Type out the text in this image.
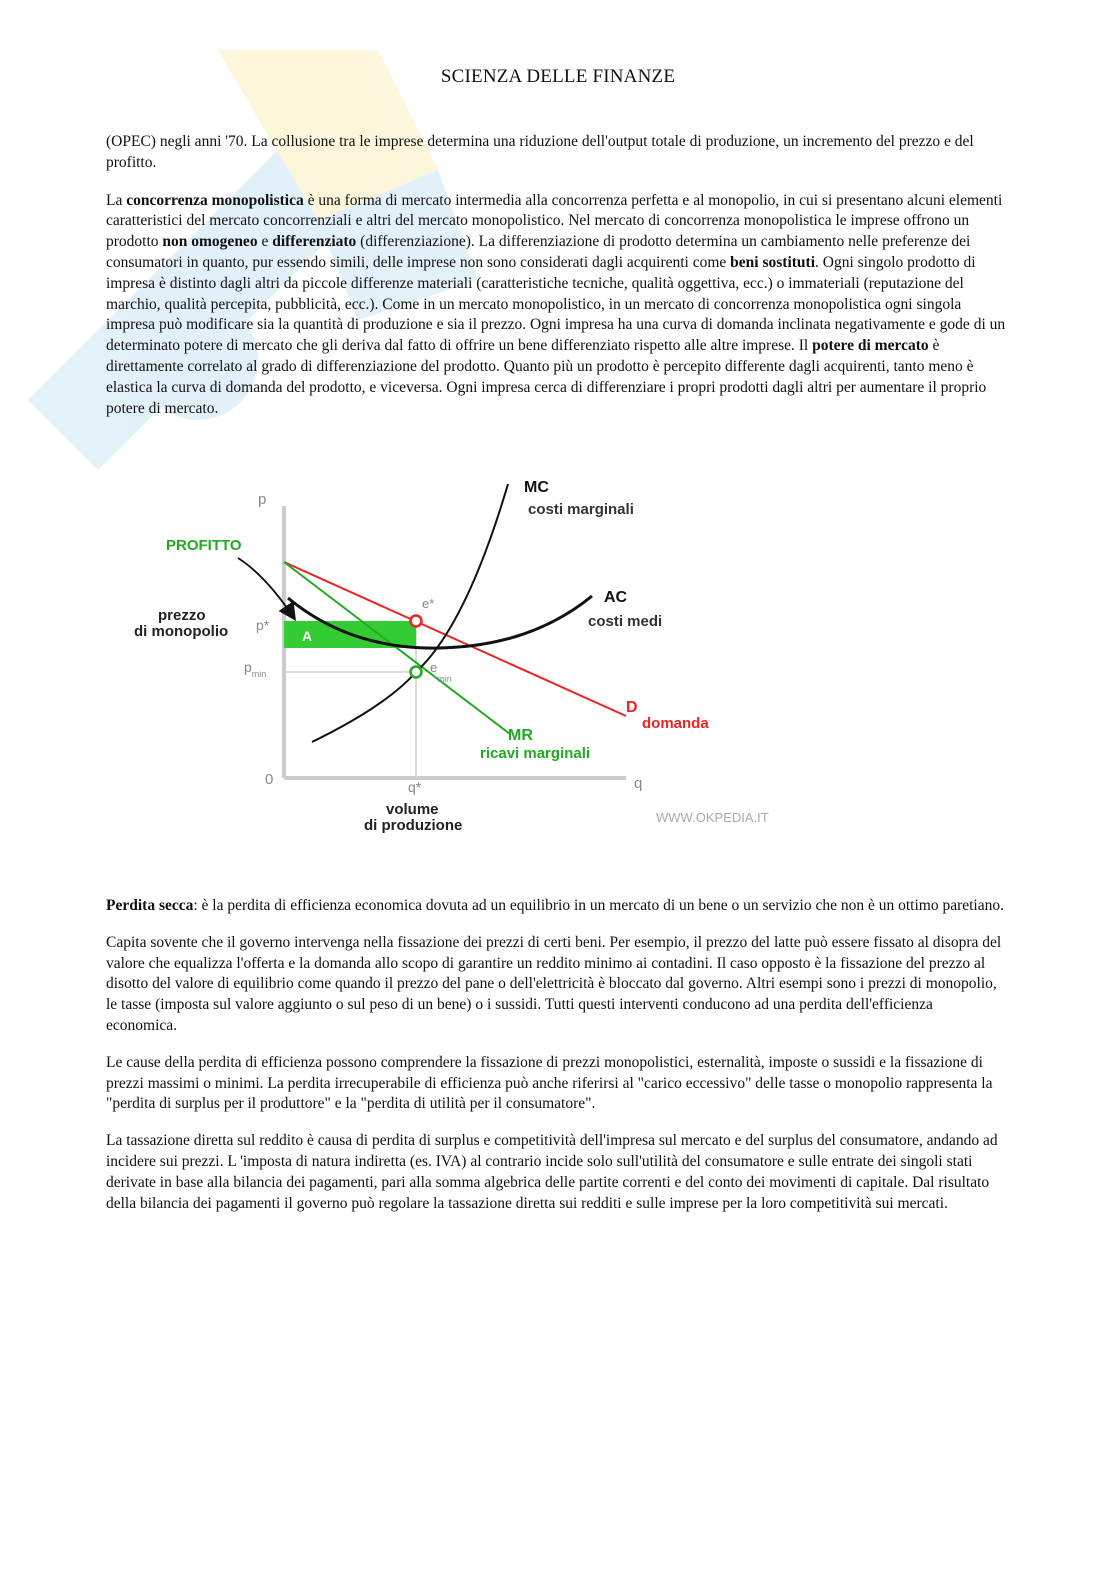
SCIENZA DELLE FINANZE

(OPEC) negli anni '70. La collusione tra le imprese determina una riduzione dell'output totale di produzione, un incremento del prezzo e del profitto.

La concorrenza monopolistica è una forma di mercato intermedia alla concorrenza perfetta e al monopolio, in cui si presentano alcuni elementi caratteristici del mercato concorrenziali e altri del mercato monopolistico. Nel mercato di concorrenza monopolistica le imprese offrono un prodotto non omogeneo e differenziato (differenziazione). La differenziazione di prodotto determina un cambiamento nelle preferenze dei consumatori in quanto, pur essendo simili, delle imprese non sono considerati dagli acquirenti come beni sostituti. Ogni singolo prodotto di impresa è distinto dagli altri da piccole differenze materiali (caratteristiche tecniche, qualità oggettiva, ecc.) o immateriali (reputazione del marchio, qualità percepita, pubblicità, ecc.). Come in un mercato monopolistico, in un mercato di concorrenza monopolistica ogni singola impresa può modificare sia la quantità di produzione e sia il prezzo. Ogni impresa ha una curva di domanda inclinata negativamente e gode di un determinato potere di mercato che gli deriva dal fatto di offrire un bene differenziato rispetto alle altre imprese. Il potere di mercato è direttamente correlato al grado di differenziazione del prodotto. Quanto più un prodotto è percepito differente dagli acquirenti, tanto meno è elastica la curva di domanda del prodotto, e viceversa. Ogni impresa cerca di differenziare i propri prodotti dagli altri per aumentare il proprio potere di mercato.

A
p
q
0
MC
costi marginali
AC
costi medi
D
domanda
MR
ricavi marginali
PROFITTO
prezzo
di monopolio p*
$p_{min}$
e*
$e_{min}$
q*
volume
di produzione	WWW.OKPEDIA.IT

Perdita secca: è la perdita di efficienza economica dovuta ad un equilibrio in un mercato di un bene o un servizio che non è un ottimo paretiano.

Capita sovente che il governo intervenga nella fissazione dei prezzi di certi beni. Per esempio, il prezzo del latte può essere fissato al disopra del valore che equalizza l'offerta e la domanda allo scopo di garantire un reddito minimo ai contadini. Il caso opposto è la fissazione del prezzo al disotto del valore di equilibrio come quando il prezzo del pane o dell'elettricità è bloccato dal governo. Altri esempi sono i prezzi di monopolio, le tasse (imposta sul valore aggiunto o sul peso di un bene) o i sussidi. Tutti questi interventi conducono ad una perdita dell'efficienza economica.

Le cause della perdita di efficienza possono comprendere la fissazione di prezzi monopolistici, esternalità, imposte o sussidi e la fissazione di prezzi massimi o minimi. La perdita irrecuperabile di efficienza può anche riferirsi al "carico eccessivo" delle tasse o monopolio rappresenta la "perdita di surplus per il produttore" e la "perdita di utilità per il consumatore".

La tassazione diretta sul reddito è causa di perdita di surplus e competitività dell'impresa sul mercato e del surplus del consumatore, andando ad incidere sui prezzi. L 'imposta di natura indiretta (es. IVA) al contrario incide solo sull'utilità del consumatore e sulle entrate dei singoli stati derivate in base alla bilancia dei pagamenti, pari alla somma algebrica delle partite correnti e del conto dei movimenti di capitale. Dal risultato della bilancia dei pagamenti il governo può regolare la tassazione diretta sui redditi e sulle imprese per la loro competitività sui mercati.
